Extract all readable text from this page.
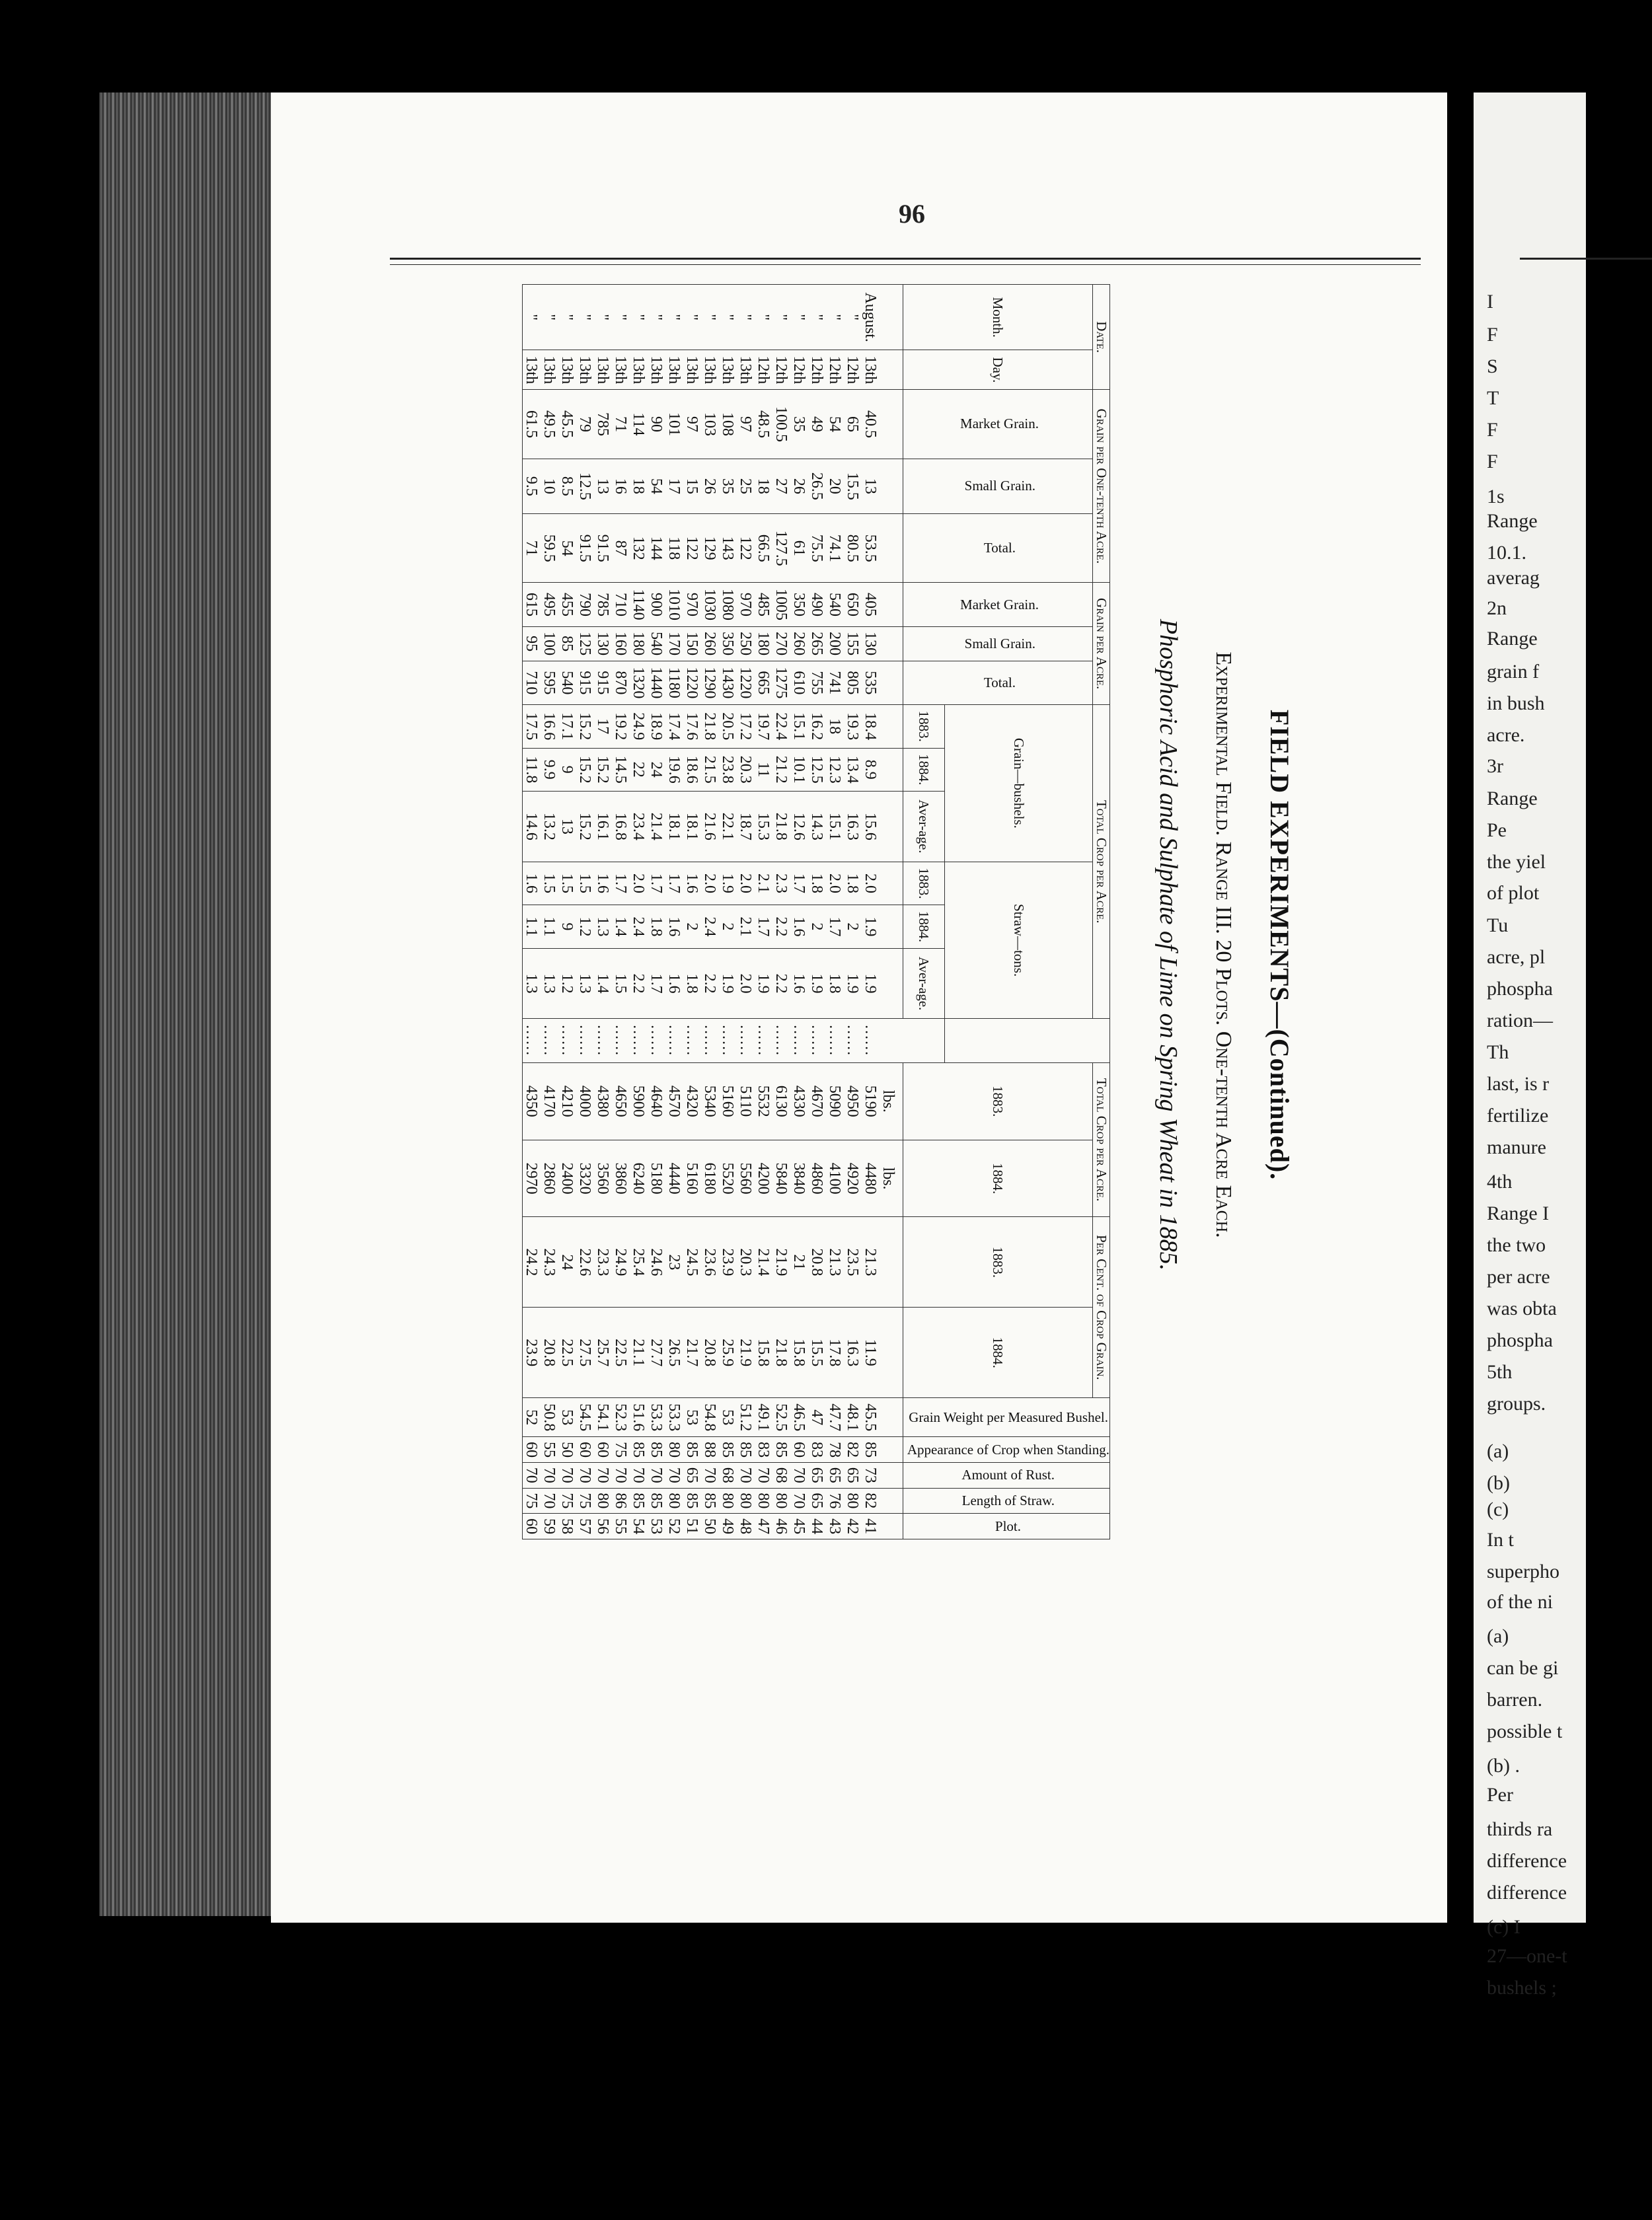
96
FIELD EXPERIMENTS—(Continued).
Experimental Field. Range III. 20 Plots. One-tenth Acre Each.
Phosphoric Acid and Sulphate of Lime on Spring Wheat in 1885.
Date.		Grain per One-tenth Acre.			Grain per Acre.			Total Crop per Acre.							Total Crop per Acre.		Per Cent. of Crop Grain.		Grain Weight per Measured Bushel.	Appearance of Crop when Standing.	Amount of Rust.	Length of Straw.	Plot.
Month.	Day.	Market Grain.	Small Grain.	Total.	Market Grain.	Small Grain.	Total.	Grain—bushels.			Straw—tons.				1883.	1884.	1883.	1884.					
								1883.	1884.	Aver-age.	1883.	1884.	Aver-age.										
															lbs.	lbs.							
August.	13th	40.5	13	53.5	405	130	535	18.4	8.9	15.6	2.0	1.9	1.9	......	5190	4480	21.3	11.9	45.5	85	73	82	41
"	12th	65	15.5	80.5	650	155	805	19.3	13.4	16.3	1.8	2	1.9	......	4950	4920	23.5	16.3	48.1	82	65	80	42
"	12th	54	20	74.1	540	200	741	18	12.3	15.1	2.0	1.7	1.8	......	5090	4100	21.3	17.8	47.7	78	65	76	43
"	12th	49	26.5	75.5	490	265	755	16.2	12.5	14.3	1.8	2	1.9	......	4670	4860	20.8	15.5	47	83	65	65	44
"	12th	35	26	61	350	260	610	15.1	10.1	12.6	1.7	1.6	1.6	......	4330	3840	21	15.8	46.5	60	70	70	45
"	12th	100.5	27	127.5	1005	270	1275	22.4	21.2	21.8	2.3	2.2	2.2	......	6130	5840	21.9	21.8	52.5	85	68	80	46
"	12th	48.5	18	66.5	485	180	665	19.7	11	15.3	2.1	1.7	1.9	......	5532	4200	21.4	15.8	49.1	83	70	80	47
"	13th	97	25	122	970	250	1220	17.2	20.3	18.7	2.0	2.1	2.0	......	5110	5560	20.3	21.9	51.2	85	70	80	48
"	13th	108	35	143	1080	350	1430	20.5	23.8	22.1	1.9	2	1.9	......	5160	5520	23.9	25.9	53	85	68	80	49
"	13th	103	26	129	1030	260	1290	21.8	21.5	21.6	2.0	2.4	2.2	......	5340	6180	23.6	20.8	54.8	88	70	85	50
"	13th	97	15	122	970	150	1220	17.6	18.6	18.1	1.6	2	1.8	......	4320	5160	24.5	21.7	53	85	65	85	51
"	13th	101	17	118	1010	170	1180	17.4	19.6	18.1	1.7	1.6	1.6	......	4570	4440	23	26.5	53.3	80	70	80	52
"	13th	90	54	144	900	540	1440	18.9	24	21.4	1.7	1.8	1.7	......	4640	5180	24.6	27.7	53.3	85	70	85	53
"	13th	114	18	132	1140	180	1320	24.9	22	23.4	2.0	2.4	2.2	......	5900	6240	25.4	21.1	51.6	85	70	85	54
"	13th	71	16	87	710	160	870	19.2	14.5	16.8	1.7	1.4	1.5	......	4650	3860	24.9	22.5	52.3	75	70	86	55
"	13th	785	13	91.5	785	130	915	17	15.2	16.1	1.6	1.3	1.4	......	4380	3560	23.3	25.7	54.1	60	70	80	56
"	13th	79	12.5	91.5	790	125	915	15.2	15.2	15.2	1.5	1.2	1.3	......	4000	3320	22.6	27.5	54.5	60	70	75	57
"	13th	45.5	8.5	54	455	85	540	17.1	9	13	1.5	9	1.2	......	4210	2400	24	22.5	53	50	70	75	58
"	13th	49.5	10	59.5	495	100	595	16.6	9.9	13.2	1.5	1.1	1.3	......	4170	2860	24.3	20.8	50.8	55	70	70	59
"	13th	61.5	9.5	71	615	95	710	17.5	11.8	14.6	1.6	1.1	1.3	......	4350	2970	24.2	23.9	52	60	70	75	60
I
F
S
T
F
F
1s
Range
10.1.
averag
2n
Range
grain f
in bush
acre.
3r
Range
Pe
the yiel
of plot
Tu
acre, pl
phospha
ration—
Th
last, is r
fertilize
manure
4th
Range I
the two
per acre
was obta
phospha
5th
groups.
(a)
(b)
(c)
In t
superpho
of the ni
(a)
can be gi
barren.
possible t
(b) .
Per
thirds ra
difference
difference
(c) I
27—one-t
bushels ;
